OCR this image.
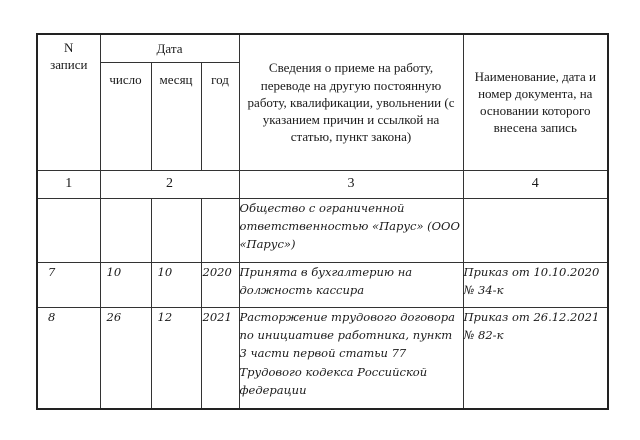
N записи	Дата			Сведения о приеме на работу, переводе на другую постоянную работу, квалификации, увольнении (с указанием причин и ссылкой на статью, пункт закона)	Наименование, дата и номер документа, на основании которого внесена запись
	число	месяц	год		
1	2			3	4
				Общество с ограниченной ответственностью «Парус» (ООО «Парус»)	
7	10	10	2020	Принята в бухгалтерию на должность кассира	Приказ от 10.10.2020 № 34-к
8	26	12	2021	Расторжение трудового договора по инициативе работника, пункт 3 части первой статьи 77 Трудового кодекса Российской федерации	Приказ от 26.12.2021 № 82-к
